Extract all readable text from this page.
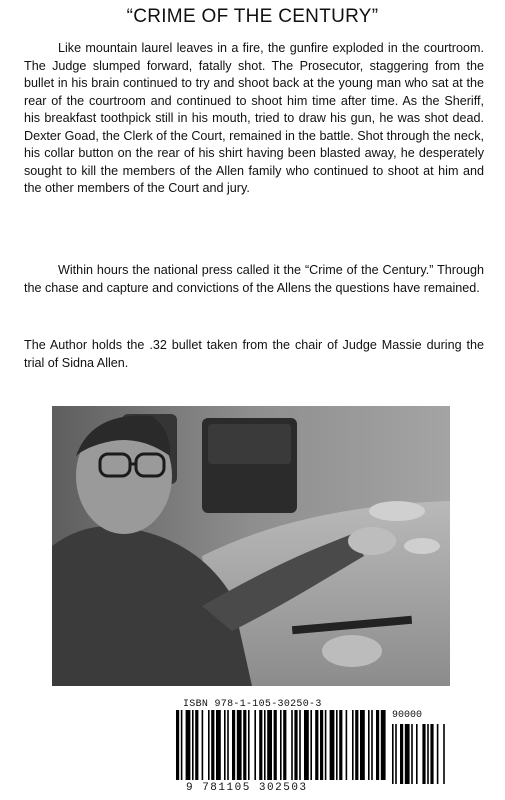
“CRIME OF THE CENTURY”

Like mountain laurel leaves in a fire, the gunfire exploded in the courtroom. The Judge slumped forward, fatally shot. The Prosecutor, staggering from the bullet in his brain continued to try and shoot back at the young man who sat at the rear of the courtroom and continued to shoot him time after time. As the Sheriff, his breakfast toothpick still in his mouth, tried to draw his gun, he was shot dead. Dexter Goad, the Clerk of the Court, remained in the battle. Shot through the neck, his collar button on the rear of his shirt having been blasted away, he desperately sought to kill the members of the Allen family who continued to shoot at him and the other members of the Court and jury.

Within hours the national press called it the “Crime of the Century.” Through the chase and capture and convictions of the Allens the questions have remained.

The Author holds the .32 bullet taken from the chair of Judge Massie during the trial of Sidna Allen.

ISBN 978-1-105-30250-3
90000
9 781105 302503
